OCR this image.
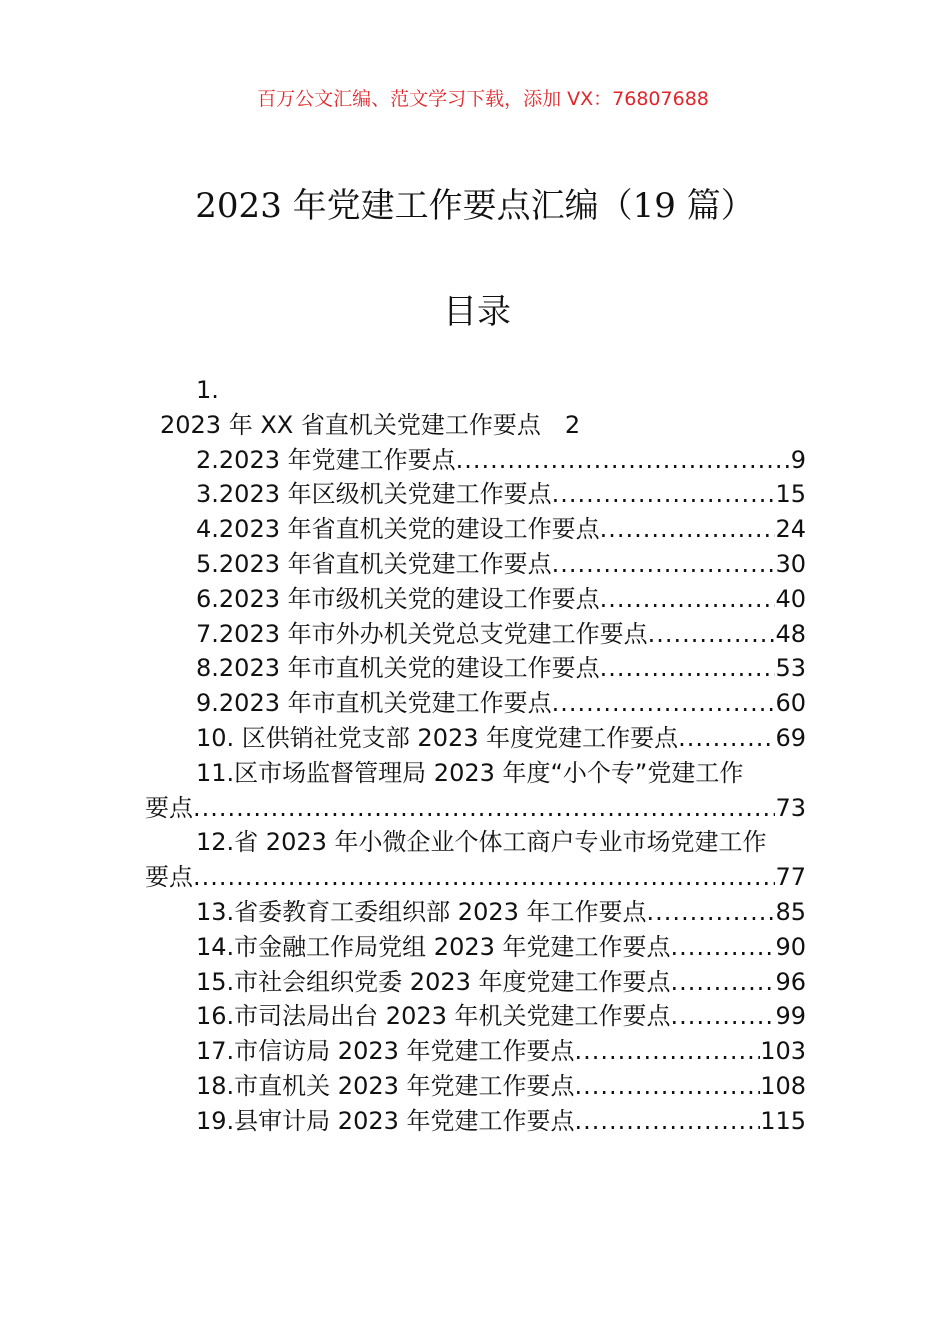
百万公文汇编、范文学习下载，添加 VX：76807688
2023 年党建工作要点汇编（19 篇）
目录
1.
2023 年 XX 省直机关党建工作要点 2
2.2023 年党建工作要点 .....	9
3.2023 年区级机关党建工作要点 .....	15
4.2023 年省直机关党的建设工作要点 .....	24
5.2023 年省直机关党建工作要点 .....	30
6.2023 年市级机关党的建设工作要点 .....	40
7.2023 年市外办机关党总支党建工作要点 .....	48
8.2023 年市直机关党的建设工作要点 .....	53
9.2023 年市直机关党建工作要点 .....	60
10. 区供销社党支部 2023 年度党建工作要点 .....	69
11.区市场监督管理局 2023 年度“小个专”党建工作
要点 .....	73
12.省 2023 年小微企业个体工商户专业市场党建工作
要点 .....	77
13.省委教育工委组织部 2023 年工作要点 .....	85
14.市金融工作局党组 2023 年党建工作要点 .....	90
15.市社会组织党委 2023 年度党建工作要点 .....	96
16.市司法局出台 2023 年机关党建工作要点 .....	99
17.市信访局 2023 年党建工作要点 .....	103
18.市直机关 2023 年党建工作要点 .....	108
19.县审计局 2023 年党建工作要点 .....	115
